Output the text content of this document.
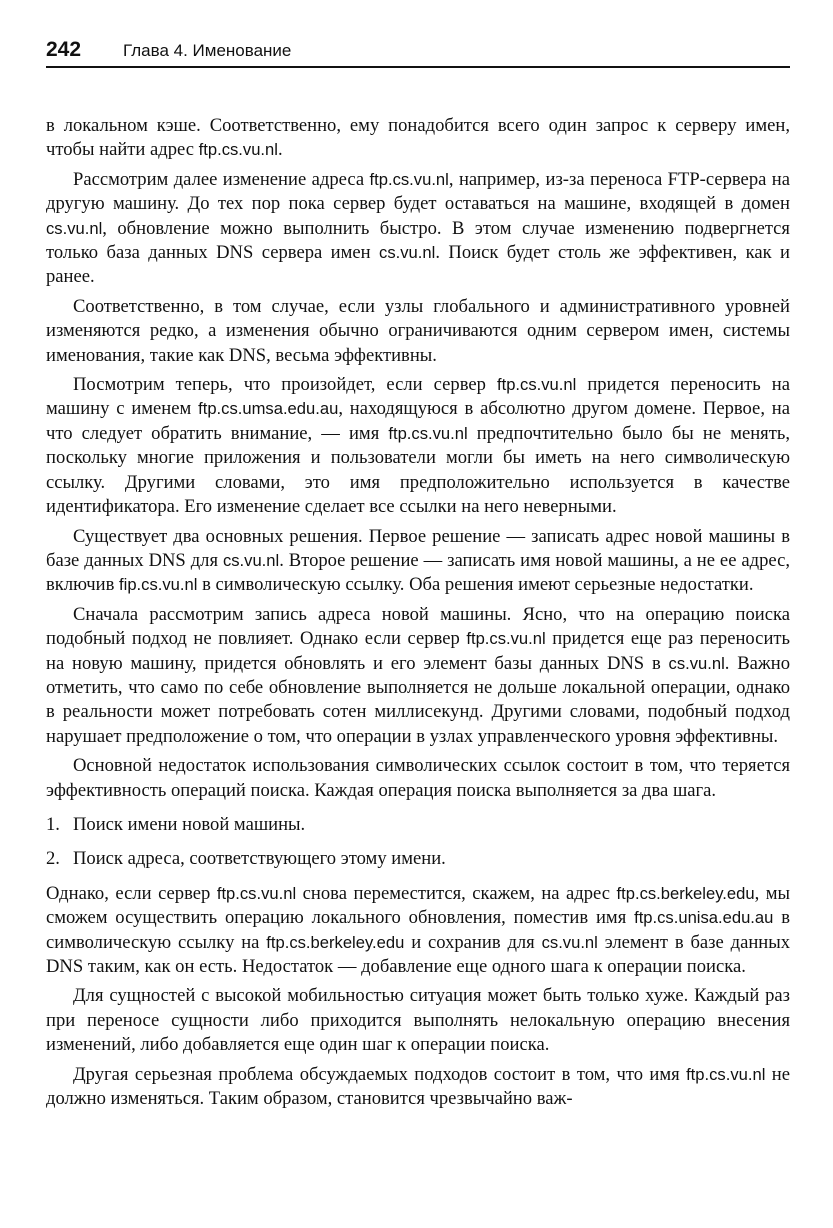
242 Глава 4. Именование

в локальном кэше. Соответственно, ему понадобится всего один запрос к серверу имен, чтобы найти адрес ftp.cs.vu.nl.

Рассмотрим далее изменение адреса ftp.cs.vu.nl, например, из-за переноса FTP-сервера на другую машину. До тех пор пока сервер будет оставаться на машине, входящей в домен cs.vu.nl, обновление можно выполнить быстро. В этом случае изменению подвергнется только база данных DNS сервера имен cs.vu.nl. Поиск будет столь же эффективен, как и ранее.

Соответственно, в том случае, если узлы глобального и административного уровней изменяются редко, а изменения обычно ограничиваются одним сервером имен, системы именования, такие как DNS, весьма эффективны.

Посмотрим теперь, что произойдет, если сервер ftp.cs.vu.nl придется переносить на машину с именем ftp.cs.umsa.edu.au, находящуюся в абсолютно другом домене. Первое, на что следует обратить внимание, — имя ftp.cs.vu.nl предпочтительно было бы не менять, поскольку многие приложения и пользователи могли бы иметь на него символическую ссылку. Другими словами, это имя предположительно используется в качестве идентификатора. Его изменение сделает все ссылки на него неверными.

Существует два основных решения. Первое решение — записать адрес новой машины в базе данных DNS для cs.vu.nl. Второе решение — записать имя новой машины, а не ее адрес, включив fip.cs.vu.nl в символическую ссылку. Оба решения имеют серьезные недостатки.

Сначала рассмотрим запись адреса новой машины. Ясно, что на операцию поиска подобный подход не повлияет. Однако если сервер ftp.cs.vu.nl придется еще раз переносить на новую машину, придется обновлять и его элемент базы данных DNS в cs.vu.nl. Важно отметить, что само по себе обновление выполняется не дольше локальной операции, однако в реальности может потребовать сотен миллисекунд. Другими словами, подобный подход нарушает предположение о том, что операции в узлах управленческого уровня эффективны.

Основной недостаток использования символических ссылок состоит в том, что теряется эффективность операций поиска. Каждая операция поиска выполняется за два шага.

1. Поиск имени новой машины.
2. Поиск адреса, соответствующего этому имени.

Однако, если сервер ftp.cs.vu.nl снова переместится, скажем, на адрес ftp.cs.berkeley.edu, мы сможем осуществить операцию локального обновления, поместив имя ftp.cs.unisa.edu.au в символическую ссылку на ftp.cs.berkeley.edu и сохранив для cs.vu.nl элемент в базе данных DNS таким, как он есть. Недостаток — добавление еще одного шага к операции поиска.

Для сущностей с высокой мобильностью ситуация может быть только хуже. Каждый раз при переносе сущности либо приходится выполнять нелокальную операцию внесения изменений, либо добавляется еще один шаг к операции поиска.

Другая серьезная проблема обсуждаемых подходов состоит в том, что имя ftp.cs.vu.nl не должно изменяться. Таким образом, становится чрезвычайно важ-
